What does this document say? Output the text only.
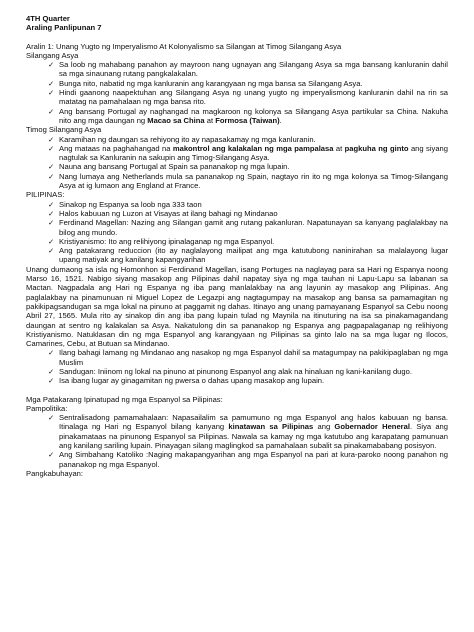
4TH Quarter
Araling Panlipunan 7
Aralin 1: Unang Yugto ng Imperyalismo At Kolonyalismo sa Silangan at Timog Silangang Asya
Silangang Asya
✓ Sa loob ng mahabang panahon ay mayroon nang ugnayan ang Silangang Asya sa mga bansang kanluranin dahil sa mga sinaunang rutang pangkalakalan.
✓ Bunga nito, nabatid ng mga kanluranin ang karangyaan ng mga bansa sa Silangang Asya.
✓ Hindi gaanong naapektuhan ang Silangang Asya ng unang yugto ng imperyalismong kanluranin dahil na rin sa matatag na pamahalaan ng mga bansa rito.
✓ Ang bansang Portugal ay naghangad na magkaroon ng kolonya sa Silangang Asya partikular sa China. Nakuha nito ang mga daungan ng Macao sa China at Formosa (Taiwan).
Timog Silangang Asya
✓ Karamihan ng daungan sa rehiyong ito ay napasakamay ng mga kanluranin.
✓ Ang mataas na paghahangad na makontrol ang kalakalan ng mga pampalasa at pagkuha ng ginto ang siyang nagtulak sa Kanluranin na sakupin ang Timog-Silangang Asya.
✓ Nauna ang bansang Portugal at Spain sa pananakop ng mga lupain.
✓ Nang lumaya ang Netherlands mula sa pananakop ng Spain, nagtayo rin ito ng mga kolonya sa Timog-Silangang Asya at ig lumaon ang England at France.
PILIPINAS:
✓ Sinakop ng Espanya sa loob nga 333 taon
✓ Halos kabuuan ng Luzon at Visayas at ilang bahagi ng Mindanao
✓ Ferdinand Magellan: Nazing ang Silangan gamit ang rutang pakanluran. Napatunayan sa kanyang paglalakbay na bilog ang mundo.
✓ Kristiyanismo: Ito ang relihiyong ipinalaganap ng mga Espanyol.
✓ Ang patakarang reduccion (ito ay naglalayong mailipat ang mga katutubong naninirahan sa malalayong lugar upang matiyak ang kanilang kapangyarihan

Unang dumaong sa isla ng Homonhon si Ferdinand Magellan, isang Portuges na naglayag para sa Hari ng Espanya noong Marso 16, 1521. Nabigo siyang masakop ang Pilipinas dahil napatay siya ng mga tauhan ni Lapu-Lapu sa labanan sa Mactan. Nagpadala ang Hari ng Espanya ng iba pang manlalakbay na ang layunin ay masakop ang Pilipinas. Ang paglalakbay na pinamunuan ni Miguel Lopez de Legazpi ang nagtagumpay na masakop ang bansa sa pamamagitan ng pakikipagsandugan sa mga lokal na pinuno at paggamit ng dahas. Itinayo ang unang pamayanang Espanyol sa Cebu noong Abril 27, 1565. Mula rito ay sinakop din ang iba pang lupain tulad ng Maynila na itinuturing na isa sa pinakamagandang daungan at sentro ng kalakalan sa Asya. Nakatulong din sa pananakop ng Espanya ang pagpapalaganap ng relihiyong Kristiyanismo. Natuklasan din ng mga Espanyol ang karangyaan ng Pilipinas sa ginto lalo na sa mga lugar ng Ilocos, Camarines, Cebu, at Butuan sa Mindanao.

✓ Ilang bahagi lamang ng Mindanao ang nasakop ng mga Espanyol dahil sa matagumpay na pakikipaglaban ng mga Muslim
✓ Sandugan: Iniinom ng lokal na pinuno at pinunong Espanyol ang alak na hinaluan ng kani-kanilang dugo.
✓ Isa ibang lugar ay ginagamitan ng pwersa o dahas upang masakop ang lupain.
Mga Patakarang Ipinatupad ng mga Espanyol sa Pilipinas:
Pampolitika:
✓ Sentralisadong pamamahalaan: Napasailalim sa pamumuno ng mga Espanyol ang halos kabuuan ng bansa. Itinalaga ng Hari ng Espanyol bilang kanyang kinatawan sa Pilipinas ang Gobernador Heneral. Siya ang pinakamataas na pinunong Espanyol sa Pilipinas. Nawala sa kamay ng mga katutubo ang karapatang pamunuan ang kanilang sariling lupain. Pinayagan silang maglingkod sa pamahalaan subalit sa pinakamababang posisyon.
✓ Ang Simbahang Katoliko :Naging makapangyarihan ang mga Espanyol na pari at kura-paroko noong panahon ng pananakop ng mga Espanyol.
Pangkabuhayan:
